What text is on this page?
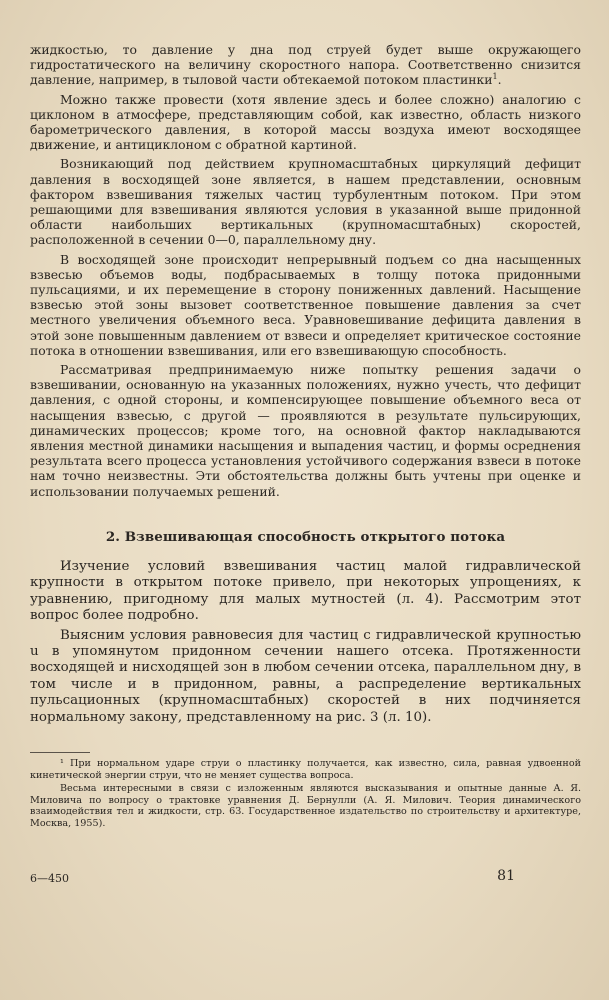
жидкостью, то давление у дна под струей будет выше окружающего гидростатического на величину скоростного напора. Соответственно снизится давление, например, в тыловой части обтекаемой потоком пластинки$^1$.

Можно также провести (хотя явление здесь и более сложно) аналогию с циклоном в атмосфере, представляющим собой, как известно, область низкого барометрического давления, в которой массы воздуха имеют восходящее движение, и антициклоном с обратной картиной.

Возникающий под действием крупномасштабных циркуляций дефицит давления в восходящей зоне является, в нашем представлении, основным фактором взвешивания тяжелых частиц турбулентным потоком. При этом решающими для взвешивания являются условия в указанной выше придонной области наибольших вертикальных (крупномасштабных) скоростей, расположенной в сечении 0—0, параллельному дну.

В восходящей зоне происходит непрерывный подъем со дна насыщенных взвесью объемов воды, подбрасываемых в толщу потока придонными пульсациями, и их перемещение в сторону пониженных давлений. Насыщение взвесью этой зоны вызовет соответственное повышение давления за счет местного увеличения объемного веса. Уравновешивание дефицита давления в этой зоне повышенным давлением от взвеси и определяет критическое состояние потока в отношении взвешивания, или его взвешивающую способность.

Рассматривая предпринимаемую ниже попытку решения задачи о взвешивании, основанную на указанных положениях, нужно учесть, что дефицит давления, с одной стороны, и компенсирующее повышение объемного веса от насыщения взвесью, с другой — проявляются в результате пульсирующих, динамических процессов; кроме того, на основной фактор накладываются явления местной динамики насыщения и выпадения частиц, и формы осреднения результата всего процесса установления устойчивого содержания взвеси в потоке нам точно неизвестны. Эти обстоятельства должны быть учтены при оценке и использовании получаемых решений.

2. Взвешивающая способность открытого потока

Изучение условий взвешивания частиц малой гидравлической крупности в открытом потоке привело, при некоторых упрощениях, к уравнению, пригодному для малых мутностей (л. 4). Рассмотрим этот вопрос более подробно.

Выясним условия равновесия для частиц с гидравлической крупностью u в упомянутом придонном сечении нашего отсека. Протяженности восходящей и нисходящей зон в любом сечении отсека, параллельном дну, в том числе и в придонном, равны, а распределение вертикальных пульсационных (крупномасштабных) скоростей в них подчиняется нормальному закону, представленному на рис. 3 (л. 10).

¹ При нормальном ударе струи о пластинку получается, как известно, сила, равная удвоенной кинетической энергии струи, что не меняет существа вопроса.

Весьма интересными в связи с изложенным являются высказывания и опытные данные А. Я. Миловича по вопросу о трактовке уравнения Д. Бернулли (А. Я. Милович. Теория динамического взаимодействия тел и жидкости, стр. 63. Государственное издательство по строительству и архитектуре, Москва, 1955).

6—450	81
